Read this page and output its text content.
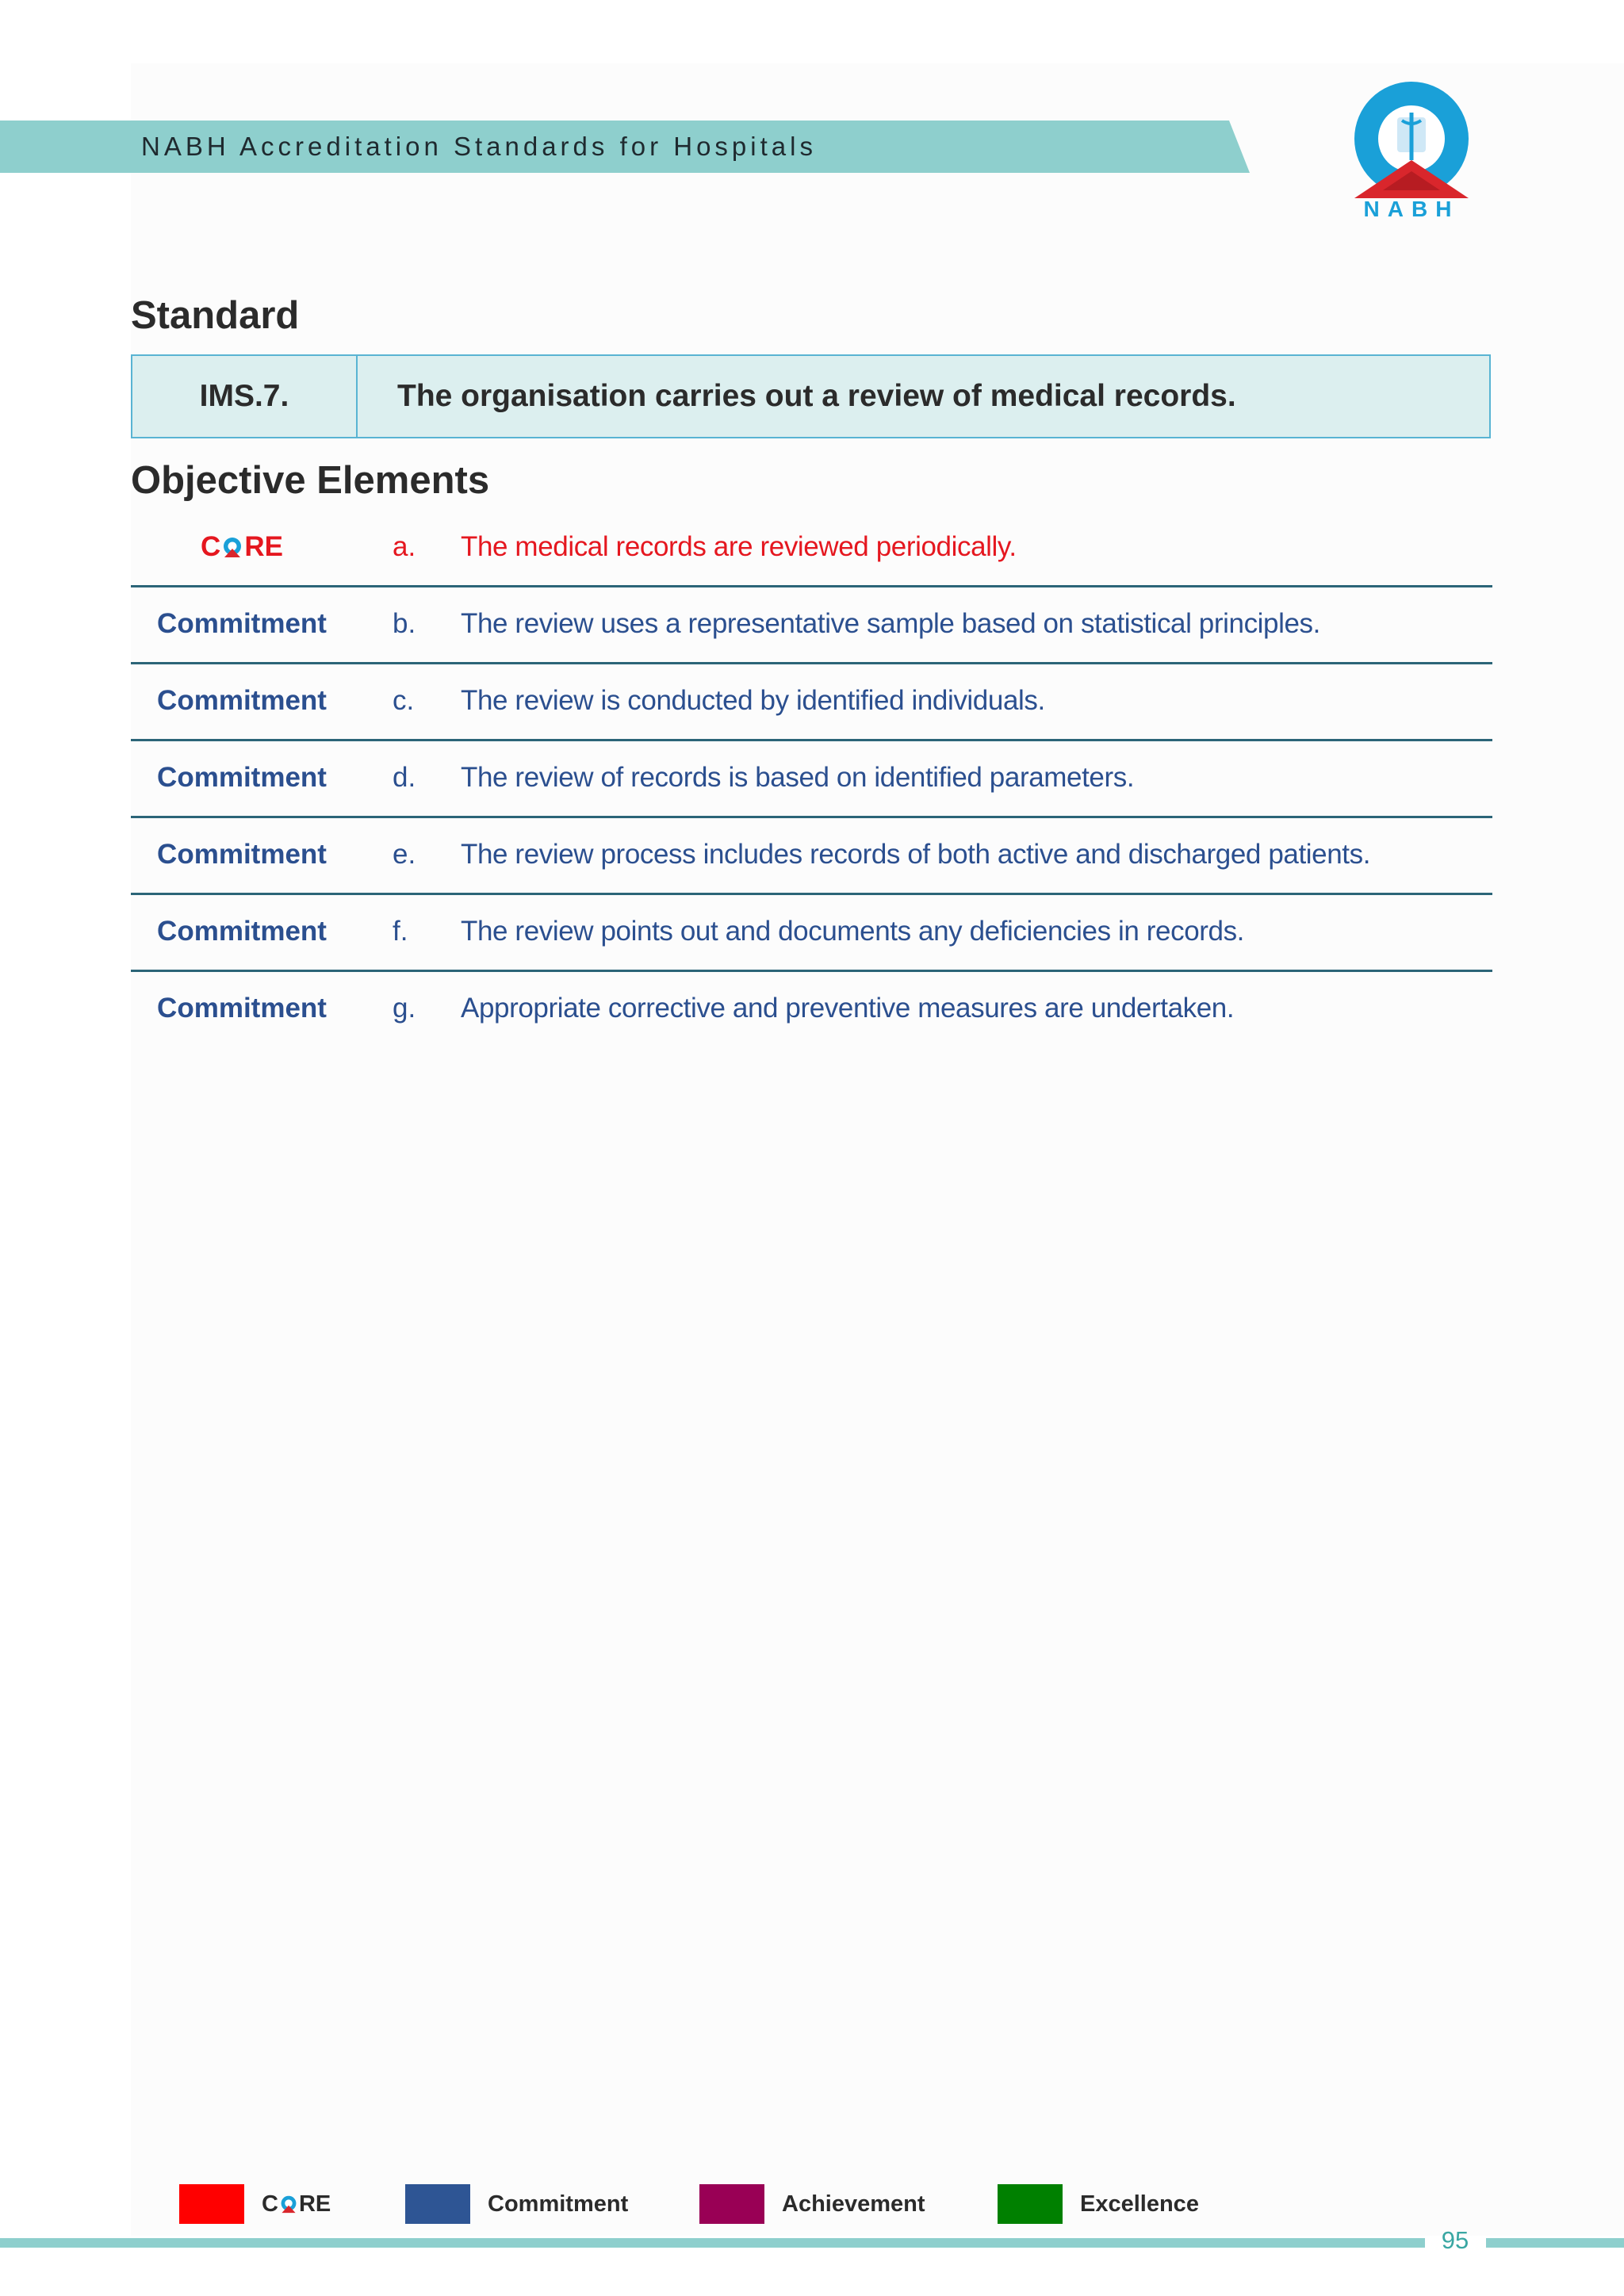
NABH Accreditation Standards for Hospitals
NABH
Standard
IMS.7.	The organisation carries out a review of medical records.
Objective Elements
C RE	a. The medical records are reviewed periodically.
Commitment	b. The review uses a representative sample based on statistical principles.
Commitment	c. The review is conducted by identified individuals.
Commitment	d. The review of records is based on identified parameters.
Commitment	e. The review process includes records of both active and discharged patients.
Commitment	f. The review points out and documents any deficiencies in records.
Commitment	g. Appropriate corrective and preventive measures are undertaken.
C RE	Commitment	Achievement	Excellence
95
